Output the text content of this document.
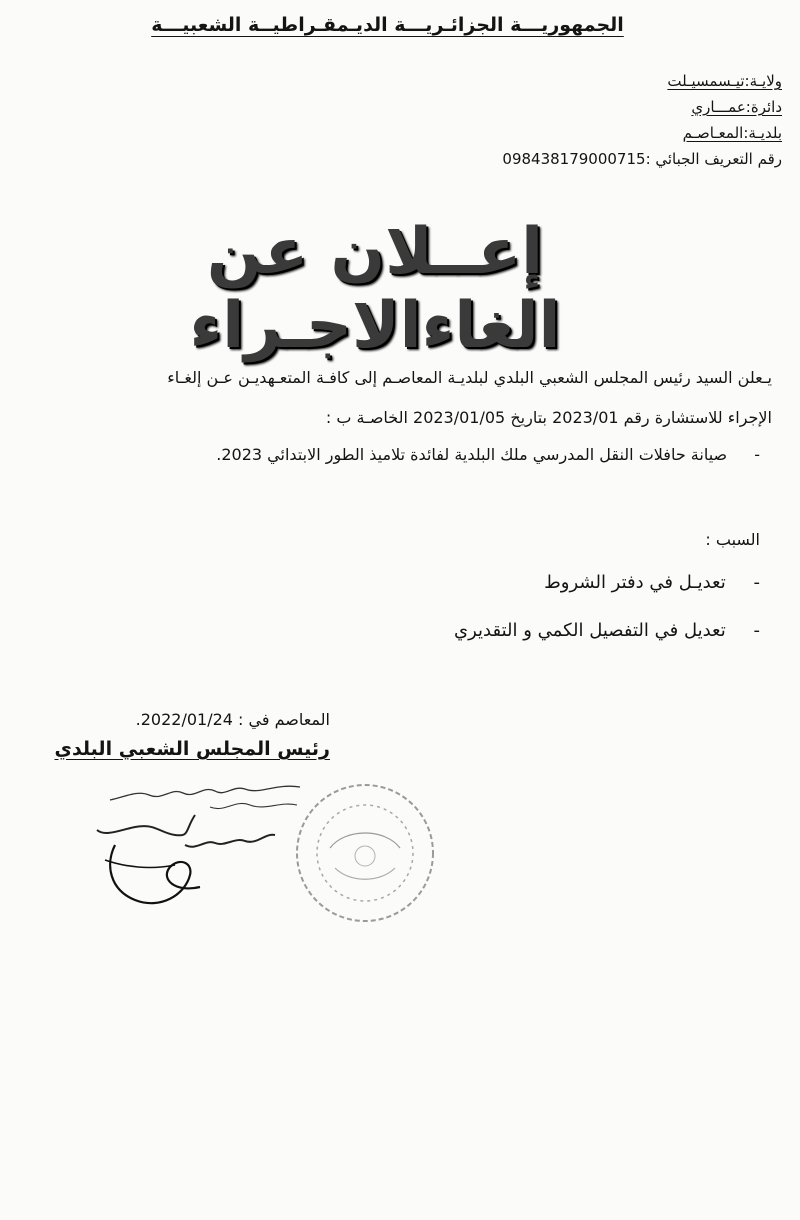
الجمهوريـــة الجزائـريـــة الديـمقـراطيــة الشعبيـــة
ولايـة:تيـسمسيـلت
دائرة:عمـــاري
بلديـة:المعـاصـم
رقم التعريف الجبائي :098438179000715
إعــلان عن الغاءالاجـراء

يـعلن السيد رئيس المجلس الشعبي البلدي لبلديـة المعاصـم إلى كافـة المتعـهديـن عـن إلغـاء

الإجراء للاستشارة رقم 2023/01 بتاريخ 2023/01/05 الخاصـة ب :

- صيانة حافلات النقل المدرسي ملك البلدية لفائدة تلاميذ الطور الابتدائي 2023.
السبب :
- تعديـل في دفتر الشروط
- تعديل في التفصيل الكمي و التقديري
المعاصم في : 2022/01/24.
رئيس المجلس الشعبي البلدي
